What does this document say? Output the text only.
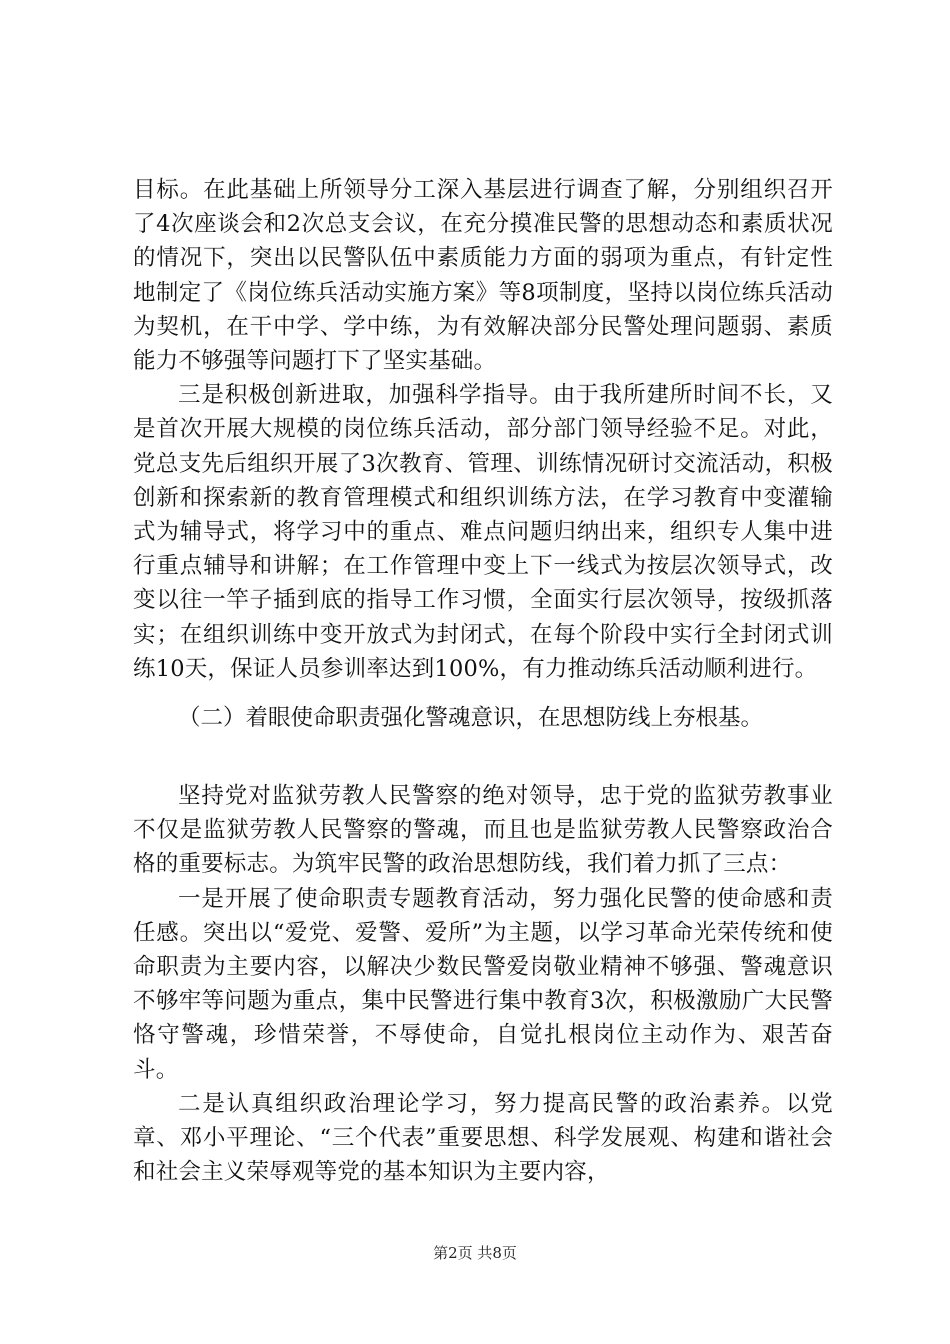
目标。在此基础上所领导分工深入基层进行调查了解，分别组织召开了4次座谈会和2次总支会议，在充分摸准民警的思想动态和素质状况的情况下，突出以民警队伍中素质能力方面的弱项为重点，有针定性地制定了《岗位练兵活动实施方案》等8项制度，坚持以岗位练兵活动为契机，在干中学、学中练，为有效解决部分民警处理问题弱、素质能力不够强等问题打下了坚实基础。

三是积极创新进取，加强科学指导。由于我所建所时间不长，又是首次开展大规模的岗位练兵活动，部分部门领导经验不足。对此，党总支先后组织开展了3次教育、管理、训练情况研讨交流活动，积极创新和探索新的教育管理模式和组织训练方法，在学习教育中变灌输式为辅导式，将学习中的重点、难点问题归纳出来，组织专人集中进行重点辅导和讲解；在工作管理中变上下一线式为按层次领导式，改变以往一竿子插到底的指导工作习惯，全面实行层次领导，按级抓落实；在组织训练中变开放式为封闭式，在每个阶段中实行全封闭式训练10天，保证人员参训率达到100%，有力推动练兵活动顺利进行。

（二）着眼使命职责强化警魂意识，在思想防线上夯根基。

坚持党对监狱劳教人民警察的绝对领导，忠于党的监狱劳教事业不仅是监狱劳教人民警察的警魂，而且也是监狱劳教人民警察政治合格的重要标志。为筑牢民警的政治思想防线，我们着力抓了三点：

一是开展了使命职责专题教育活动，努力强化民警的使命感和责任感。突出以“爱党、爱警、爱所”为主题，以学习革命光荣传统和使命职责为主要内容，以解决少数民警爱岗敬业精神不够强、警魂意识不够牢等问题为重点，集中民警进行集中教育3次，积极激励广大民警恪守警魂，珍惜荣誉，不辱使命，自觉扎根岗位主动作为、艰苦奋斗。

二是认真组织政治理论学习，努力提高民警的政治素养。以党章、邓小平理论、“三个代表”重要思想、科学发展观、构建和谐社会和社会主义荣辱观等党的基本知识为主要内容，

第2页 共8页
